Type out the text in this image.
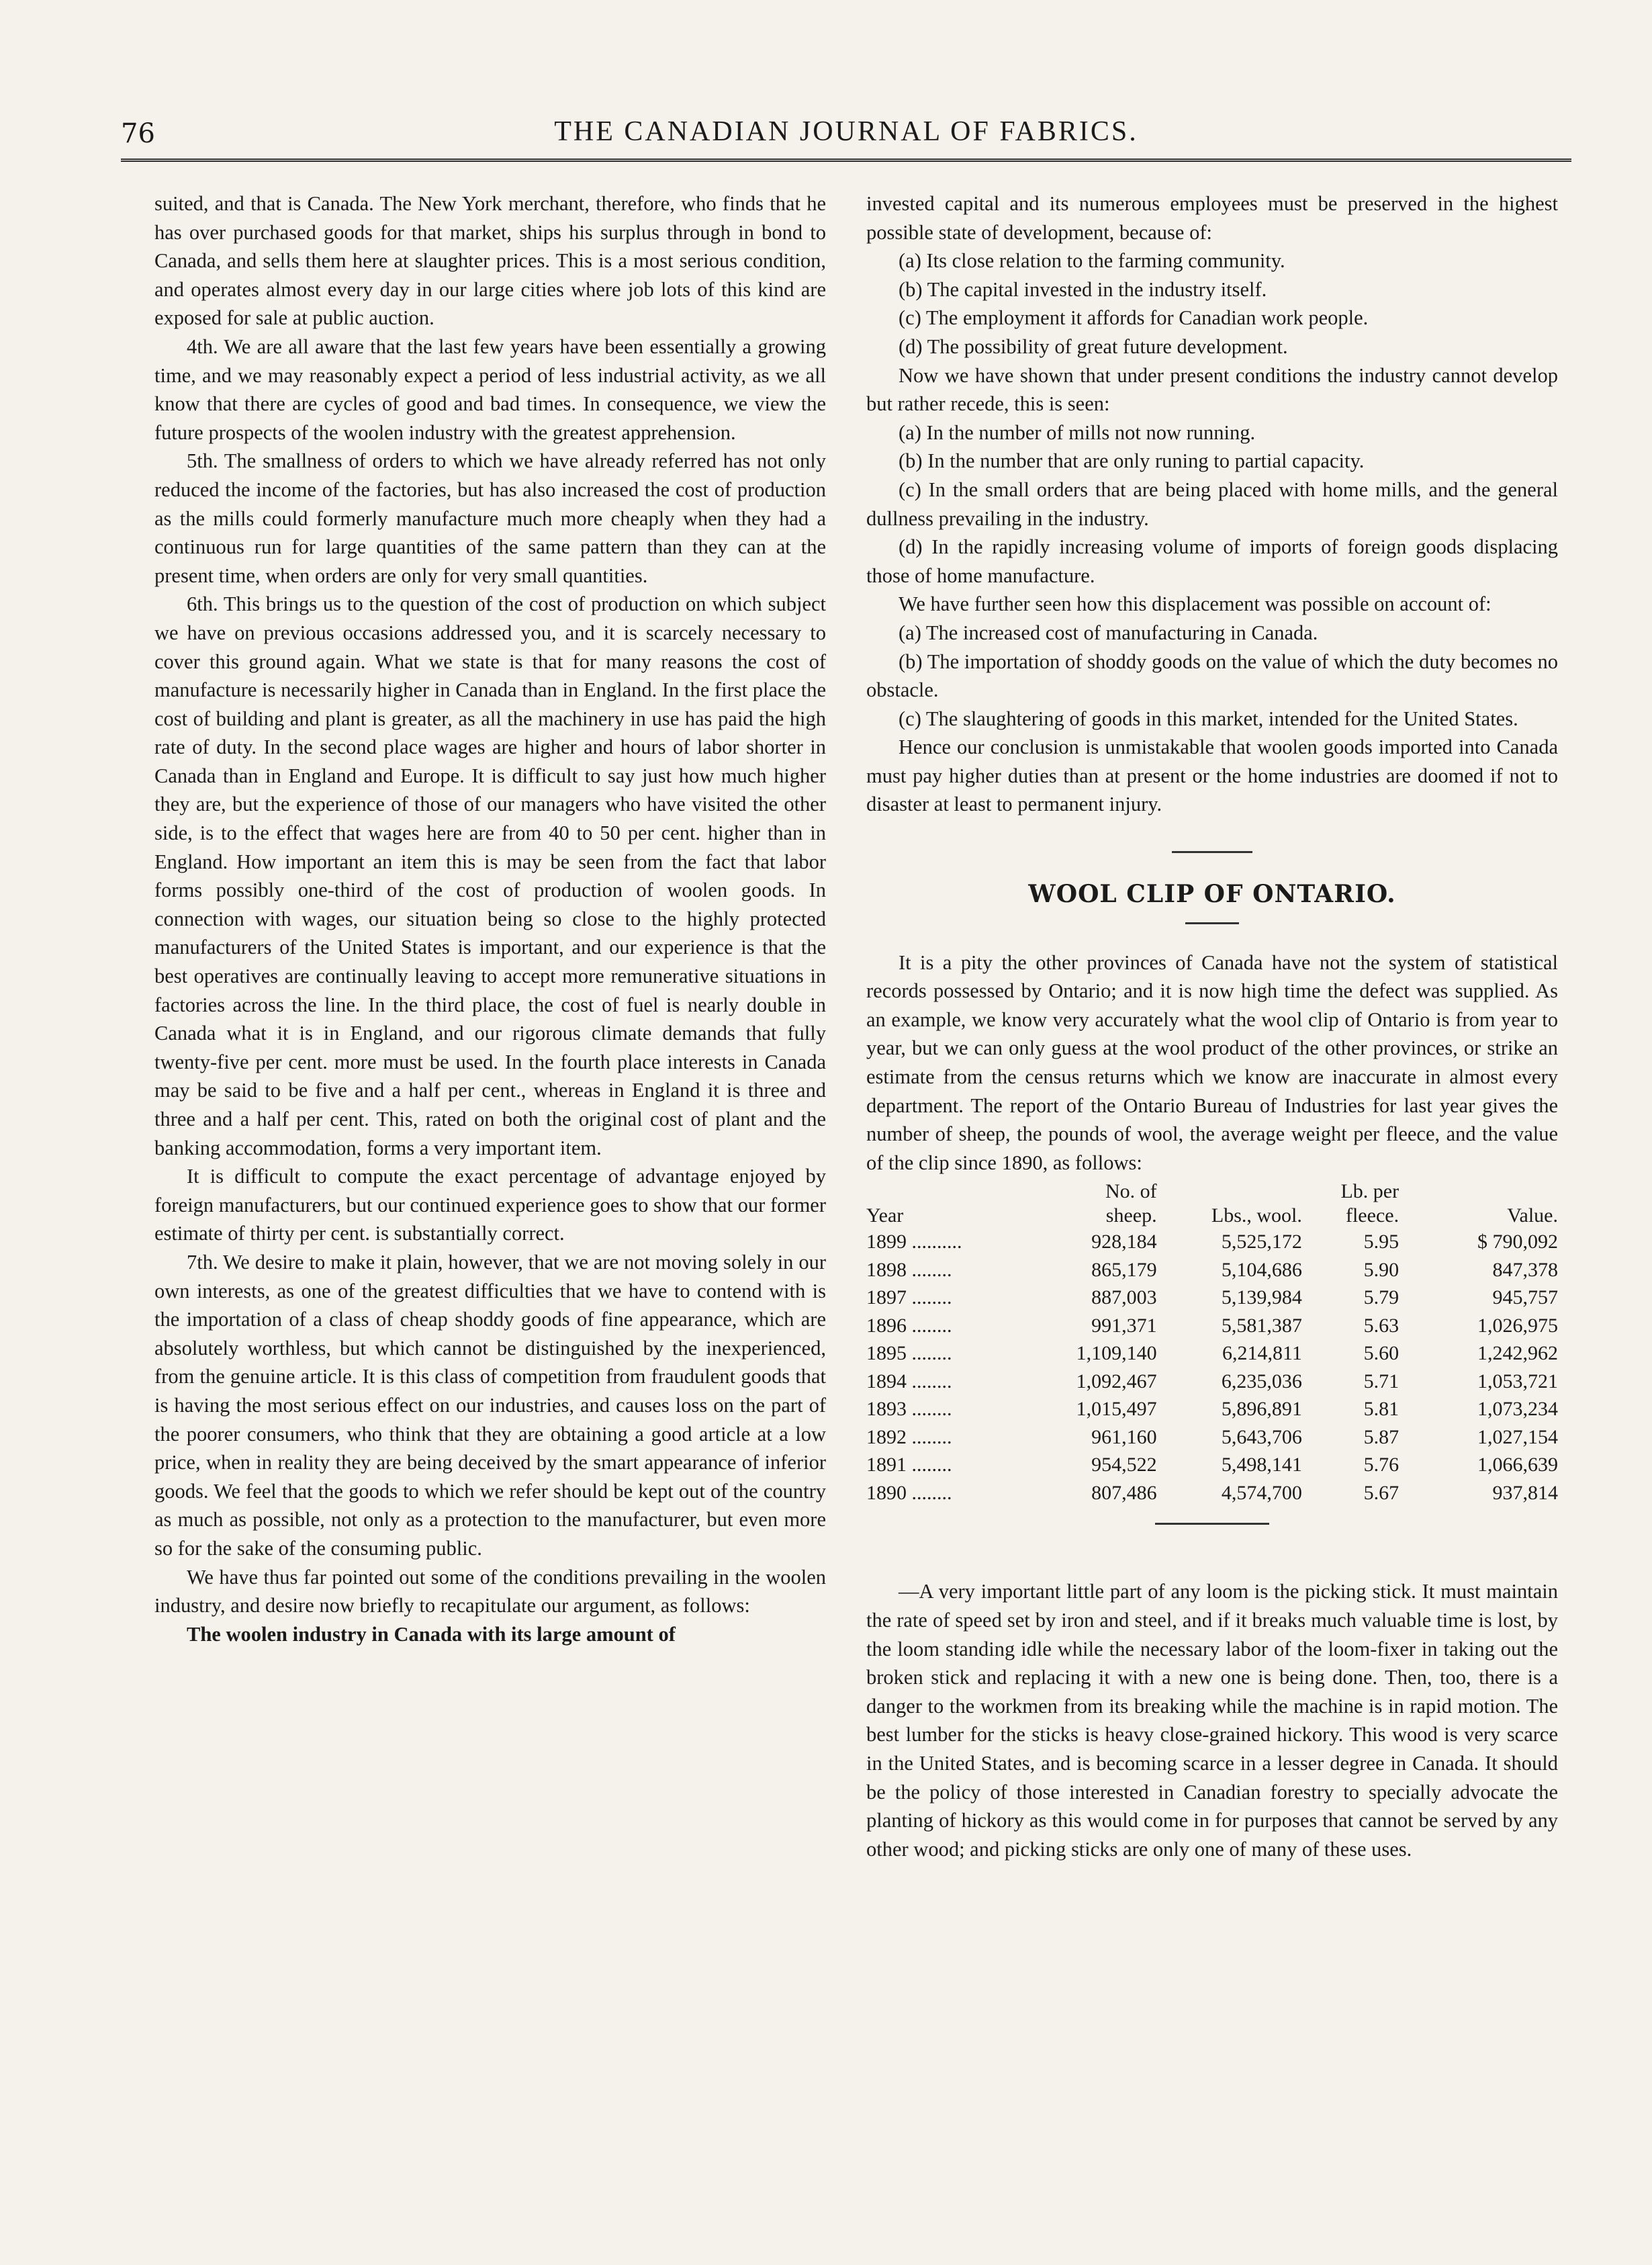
76	THE CANADIAN JOURNAL OF FABRICS.

suited, and that is Canada. The New York merchant, therefore, who finds that he has over purchased goods for that market, ships his surplus through in bond to Canada, and sells them here at slaughter prices. This is a most serious condition, and operates almost every day in our large cities where job lots of this kind are exposed for sale at public auction.

4th. We are all aware that the last few years have been essentially a growing time, and we may reasonably expect a period of less industrial activity, as we all know that there are cycles of good and bad times. In consequence, we view the future prospects of the woolen industry with the greatest apprehension.

5th. The smallness of orders to which we have already referred has not only reduced the income of the factories, but has also increased the cost of production as the mills could formerly manufacture much more cheaply when they had a continuous run for large quantities of the same pattern than they can at the present time, when orders are only for very small quantities.

6th. This brings us to the question of the cost of production on which subject we have on previous occasions addressed you, and it is scarcely necessary to cover this ground again. What we state is that for many reasons the cost of manufacture is necessarily higher in Canada than in England. In the first place the cost of building and plant is greater, as all the machinery in use has paid the high rate of duty. In the second place wages are higher and hours of labor shorter in Canada than in England and Europe. It is difficult to say just how much higher they are, but the experience of those of our managers who have visited the other side, is to the effect that wages here are from 40 to 50 per cent. higher than in England. How important an item this is may be seen from the fact that labor forms possibly one-third of the cost of production of woolen goods. In connection with wages, our situation being so close to the highly protected manufacturers of the United States is important, and our experience is that the best operatives are continually leaving to accept more remunerative situations in factories across the line. In the third place, the cost of fuel is nearly double in Canada what it is in England, and our rigorous climate demands that fully twenty-five per cent. more must be used. In the fourth place interests in Canada may be said to be five and a half per cent., whereas in England it is three and three and a half per cent. This, rated on both the original cost of plant and the banking accommodation, forms a very important item.

It is difficult to compute the exact percentage of advantage enjoyed by foreign manufacturers, but our continued experience goes to show that our former estimate of thirty per cent. is substantially correct.

7th. We desire to make it plain, however, that we are not moving solely in our own interests, as one of the greatest difficulties that we have to contend with is the importation of a class of cheap shoddy goods of fine appearance, which are absolutely worthless, but which cannot be distinguished by the inexperienced, from the genuine article. It is this class of competition from fraudulent goods that is having the most serious effect on our industries, and causes loss on the part of the poorer consumers, who think that they are obtaining a good article at a low price, when in reality they are being deceived by the smart appearance of inferior goods. We feel that the goods to which we refer should be kept out of the country as much as possible, not only as a protection to the manufacturer, but even more so for the sake of the consuming public.

We have thus far pointed out some of the conditions prevailing in the woolen industry, and desire now briefly to recapitulate our argument, as follows:

The woolen industry in Canada with its large amount of

invested capital and its numerous employees must be preserved in the highest possible state of development, because of:

(a) Its close relation to the farming community.

(b) The capital invested in the industry itself.

(c) The employment it affords for Canadian work people.

(d) The possibility of great future development.

Now we have shown that under present conditions the industry cannot develop but rather recede, this is seen:

(a) In the number of mills not now running.

(b) In the number that are only runing to partial capacity.

(c) In the small orders that are being placed with home mills, and the general dullness prevailing in the industry.

(d) In the rapidly increasing volume of imports of foreign goods displacing those of home manufacture.

We have further seen how this displacement was possible on account of:

(a) The increased cost of manufacturing in Canada.

(b) The importation of shoddy goods on the value of which the duty becomes no obstacle.

(c) The slaughtering of goods in this market, intended for the United States.

Hence our conclusion is unmistakable that woolen goods imported into Canada must pay higher duties than at present or the home industries are doomed if not to disaster at least to permanent injury.

WOOL CLIP OF ONTARIO.

It is a pity the other provinces of Canada have not the system of statistical records possessed by Ontario; and it is now high time the defect was supplied. As an example, we know very accurately what the wool clip of Ontario is from year to year, but we can only guess at the wool product of the other provinces, or strike an estimate from the census returns which we know are inaccurate in almost every department. The report of the Ontario Bureau of Industries for last year gives the number of sheep, the pounds of wool, the average weight per fleece, and the value of the clip since 1890, as follows:

	No. of		Lb. per	
Year	sheep.	Lbs., wool.	fleece.	Value.
1899 ..........	928,184	5,525,172	5.95	$ 790,092
1898 ........	865,179	5,104,686	5.90	847,378
1897 ........	887,003	5,139,984	5.79	945,757
1896 ........	991,371	5,581,387	5.63	1,026,975
1895 ........	1,109,140	6,214,811	5.60	1,242,962
1894 ........	1,092,467	6,235,036	5.71	1,053,721
1893 ........	1,015,497	5,896,891	5.81	1,073,234
1892 ........	961,160	5,643,706	5.87	1,027,154
1891 ........	954,522	5,498,141	5.76	1,066,639
1890 ........	807,486	4,574,700	5.67	937,814

—A very important little part of any loom is the picking stick. It must maintain the rate of speed set by iron and steel, and if it breaks much valuable time is lost, by the loom standing idle while the necessary labor of the loom-fixer in taking out the broken stick and replacing it with a new one is being done. Then, too, there is a danger to the workmen from its breaking while the machine is in rapid motion. The best lumber for the sticks is heavy close-grained hickory. This wood is very scarce in the United States, and is becoming scarce in a lesser degree in Canada. It should be the policy of those interested in Canadian forestry to specially advocate the planting of hickory as this would come in for purposes that cannot be served by any other wood; and picking sticks are only one of many of these uses.
